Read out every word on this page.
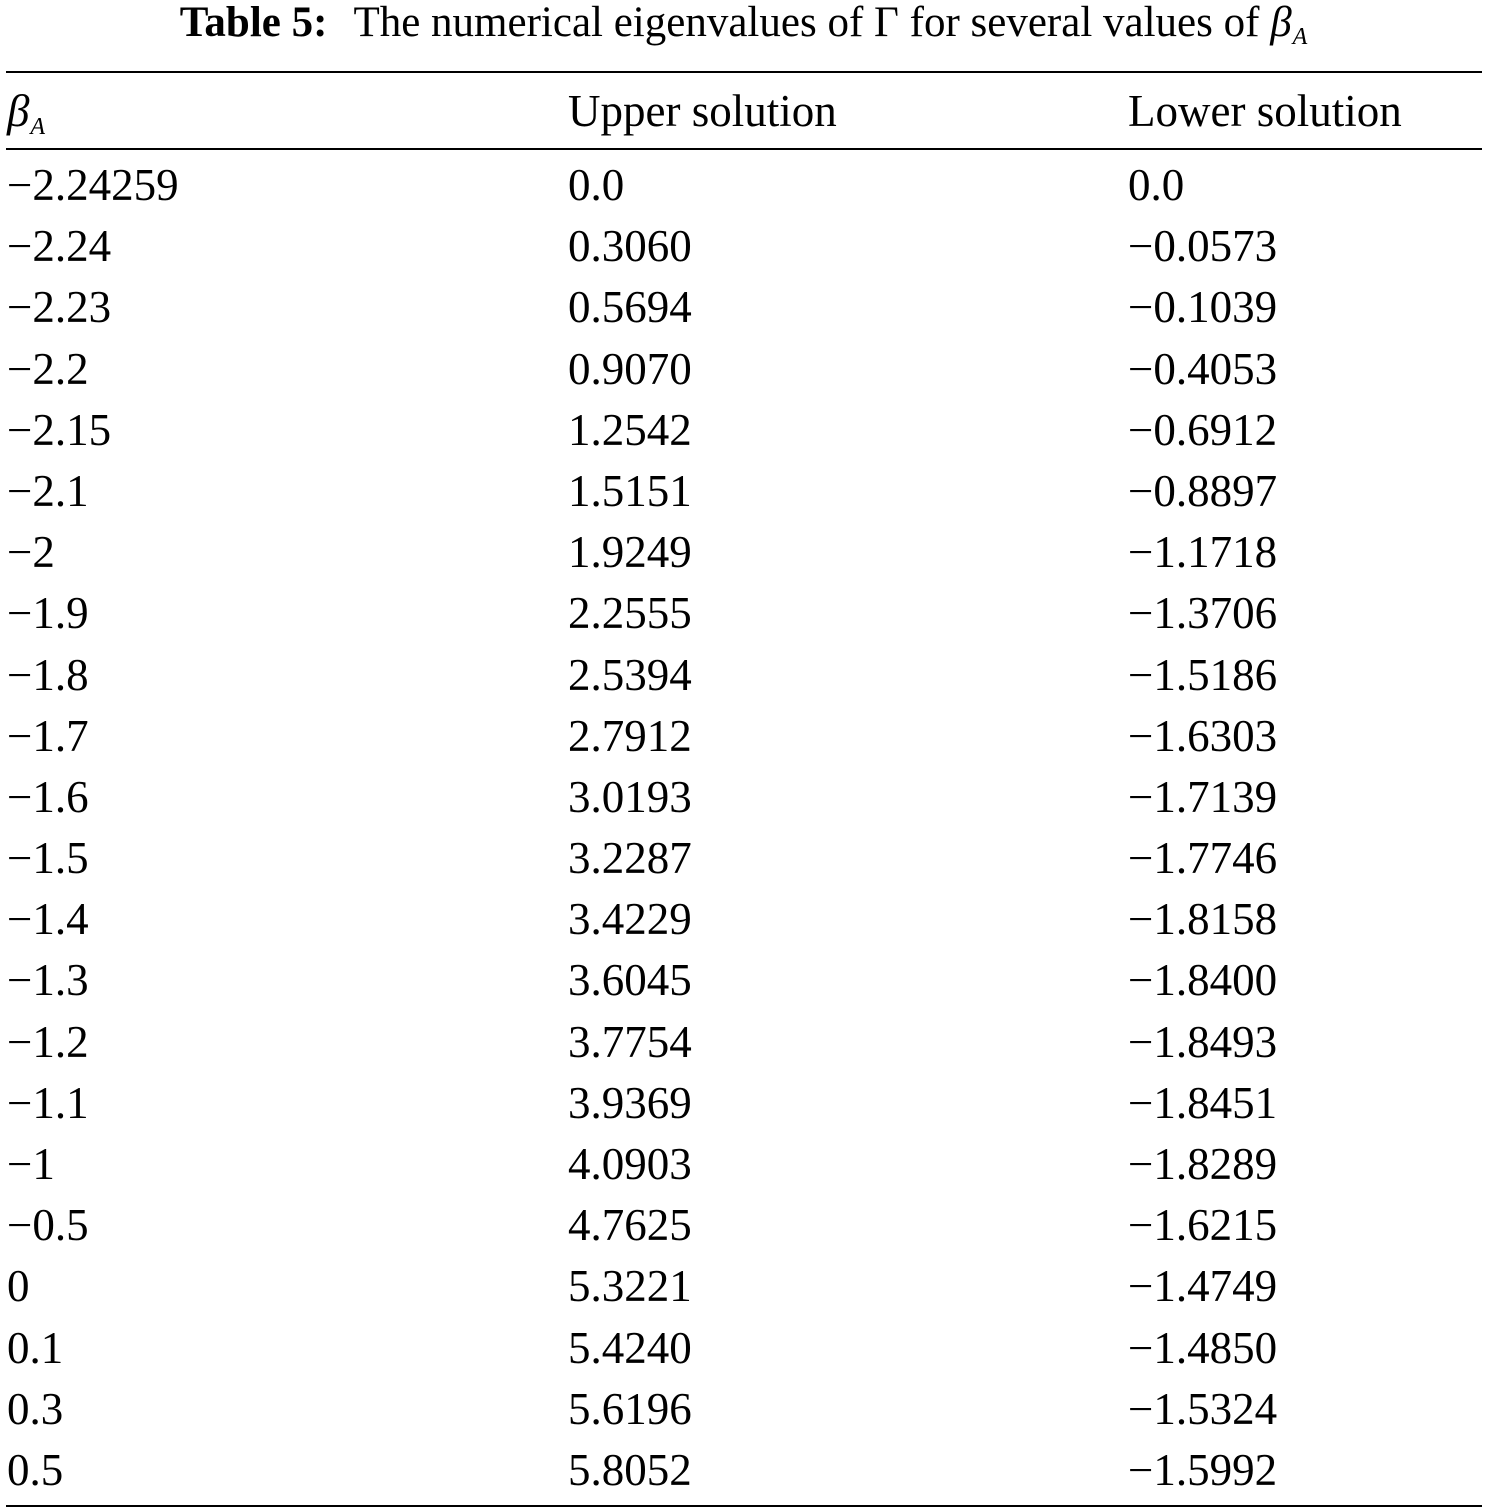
Table 5: The numerical eigenvalues of Γ for several values of $\beta_A$
$\beta_A$	Upper solution	Lower solution
−2.24259	0.0	0.0
−2.24	0.3060	−0.0573
−2.23	0.5694	−0.1039
−2.2	0.9070	−0.4053
−2.15	1.2542	−0.6912
−2.1	1.5151	−0.8897
−2	1.9249	−1.1718
−1.9	2.2555	−1.3706
−1.8	2.5394	−1.5186
−1.7	2.7912	−1.6303
−1.6	3.0193	−1.7139
−1.5	3.2287	−1.7746
−1.4	3.4229	−1.8158
−1.3	3.6045	−1.8400
−1.2	3.7754	−1.8493
−1.1	3.9369	−1.8451
−1	4.0903	−1.8289
−0.5	4.7625	−1.6215
0	5.3221	−1.4749
0.1	5.4240	−1.4850
0.3	5.6196	−1.5324
0.5	5.8052	−1.5992
